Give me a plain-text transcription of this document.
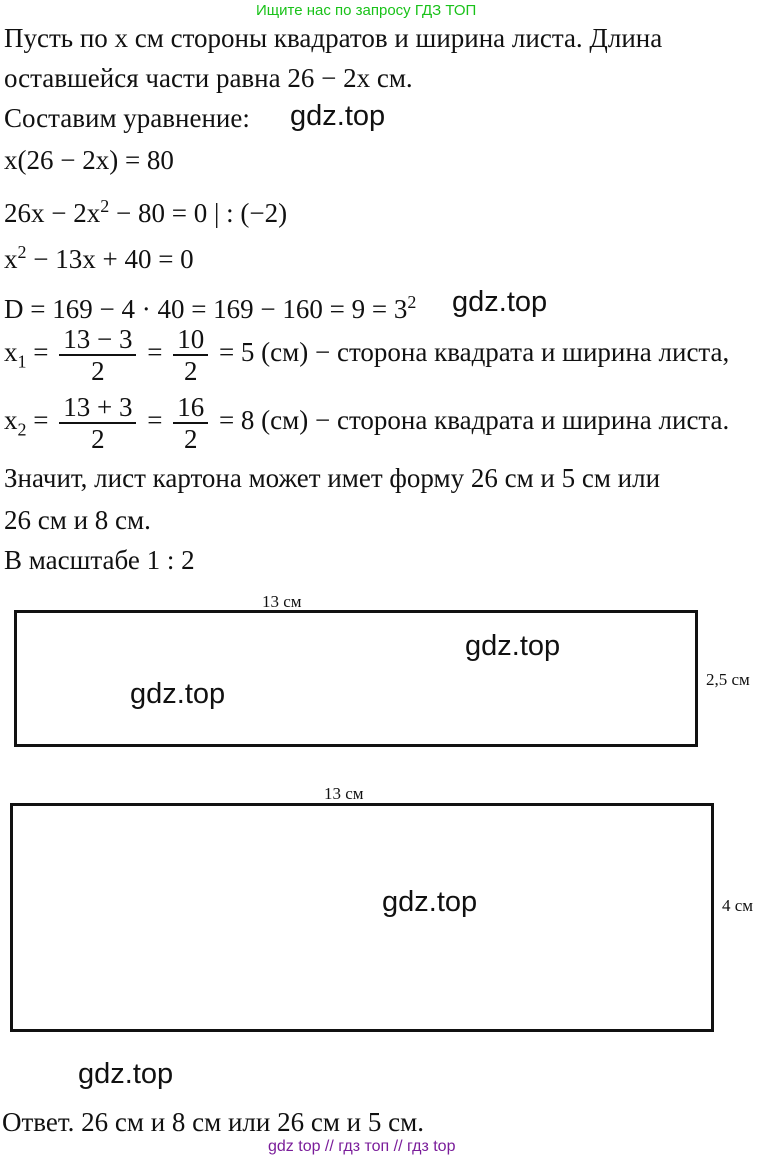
Ищите нас по запросу ГДЗ ТОП
Пусть по x см стороны квадратов и ширина листа. Длина
оставшейся части равна 26 − 2x см.
Составим уравнение: gdz.top
x(26 − 2x) = 80
$26x - 2x^2 - 80 = 0$ | : (−2)
$x^2 - 13x + 40 = 0$
$D = 169 - 4 \cdot 40 = 169 - 160 = 9 = 3^2$ gdz.top
$x_1 = \frac{13 - 3}{2} = \frac{10}{2} = 5$ (см) − сторона квадрата и ширина листа,
$x_2 = \frac{13 + 3}{2} = \frac{16}{2} = 8$ (см) − сторона квадрата и ширина листа.
Значит, лист картона может имет форму 26 см и 5 см или
26 см и 8 см.
В масштабе 1 : 2
13 см
2,5 см
gdz.top
gdz.top
13 см
4 см
gdz.top
gdz.top
Ответ. 26 см и 8 см или 26 см и 5 см.
gdz top // гдз топ // гдз top
